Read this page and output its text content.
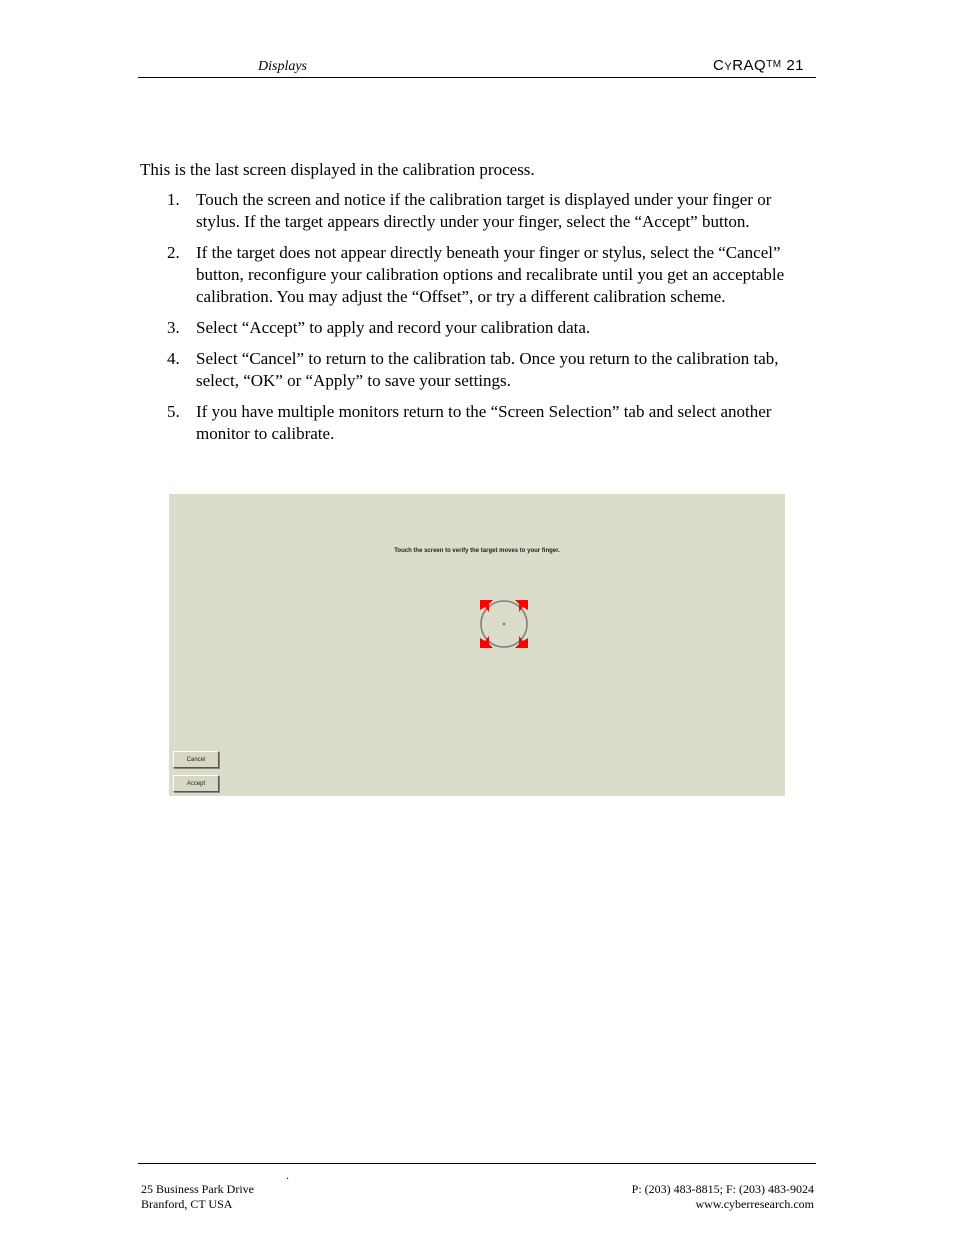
Displays	CYRAQ™ 21
This is the last screen displayed in the calibration process.
1. Touch the screen and notice if the calibration target is displayed under your finger or stylus. If the target appears directly under your finger, select the “Accept” button.
2. If the target does not appear directly beneath your finger or stylus, select the “Cancel” button, reconfigure your calibration options and recalibrate until you get an acceptable calibration. You may adjust the “Offset”, or try a different calibration scheme.
3. Select “Accept” to apply and record your calibration data.
4. Select “Cancel” to return to the calibration tab. Once you return to the calibration tab, select, “OK” or “Apply” to save your settings.
5. If you have multiple monitors return to the “Screen Selection” tab and select another monitor to calibrate.
Touch the screen to verify the target moves to your finger.
Cancel
Accept
.
25 Business Park Drive
Branford, CT USA
P: (203) 483-8815; F: (203) 483-9024
www.cyberresearch.com
